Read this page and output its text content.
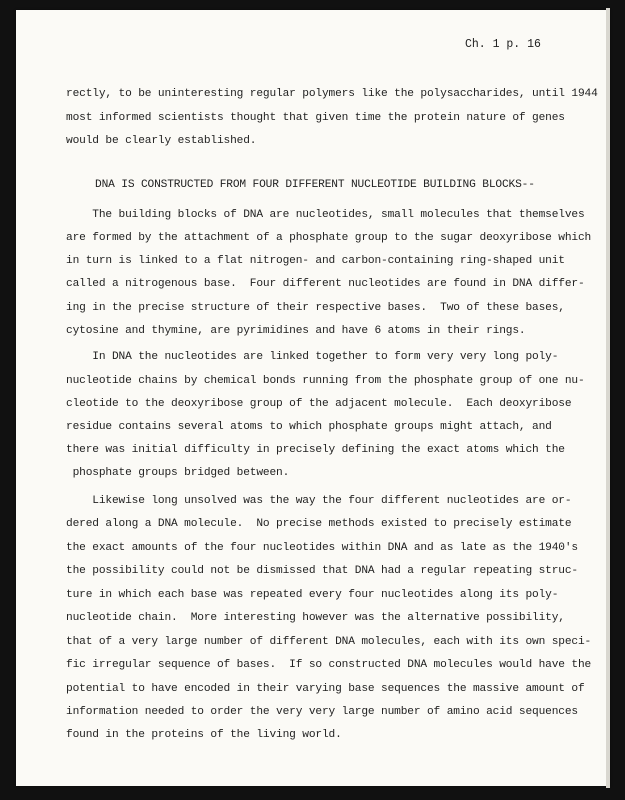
Ch. 1 p. 16
rectly, to be uninteresting regular polymers like the polysaccharides, until 1944
most informed scientists thought that given time the protein nature of genes
would be clearly established.
DNA IS CONSTRUCTED FROM FOUR DIFFERENT NUCLEOTIDE BUILDING BLOCKS--
The building blocks of DNA are nucleotides, small molecules that themselves
are formed by the attachment of a phosphate group to the sugar deoxyribose which
in turn is linked to a flat nitrogen- and carbon-containing ring-shaped unit
called a nitrogenous base.  Four different nucleotides are found in DNA differ-
ing in the precise structure of their respective bases.  Two of these bases,
cytosine and thymine, are pyrimidines and have 6 atoms in their rings.
In DNA the nucleotides are linked together to form very very long poly-
nucleotide chains by chemical bonds running from the phosphate group of one nu-
cleotide to the deoxyribose group of the adjacent molecule.  Each deoxyribose
residue contains several atoms to which phosphate groups might attach, and
there was initial difficulty in precisely defining the exact atoms which the
phosphate groups bridged between.
Likewise long unsolved was the way the four different nucleotides are or-
dered along a DNA molecule.  No precise methods existed to precisely estimate
the exact amounts of the four nucleotides within DNA and as late as the 1940's
the possibility could not be dismissed that DNA had a regular repeating struc-
ture in which each base was repeated every four nucleotides along its poly-
nucleotide chain.  More interesting however was the alternative possibility,
that of a very large number of different DNA molecules, each with its own speci-
fic irregular sequence of bases.  If so constructed DNA molecules would have the
potential to have encoded in their varying base sequences the massive amount of
information needed to order the very very large number of amino acid sequences
found in the proteins of the living world.
